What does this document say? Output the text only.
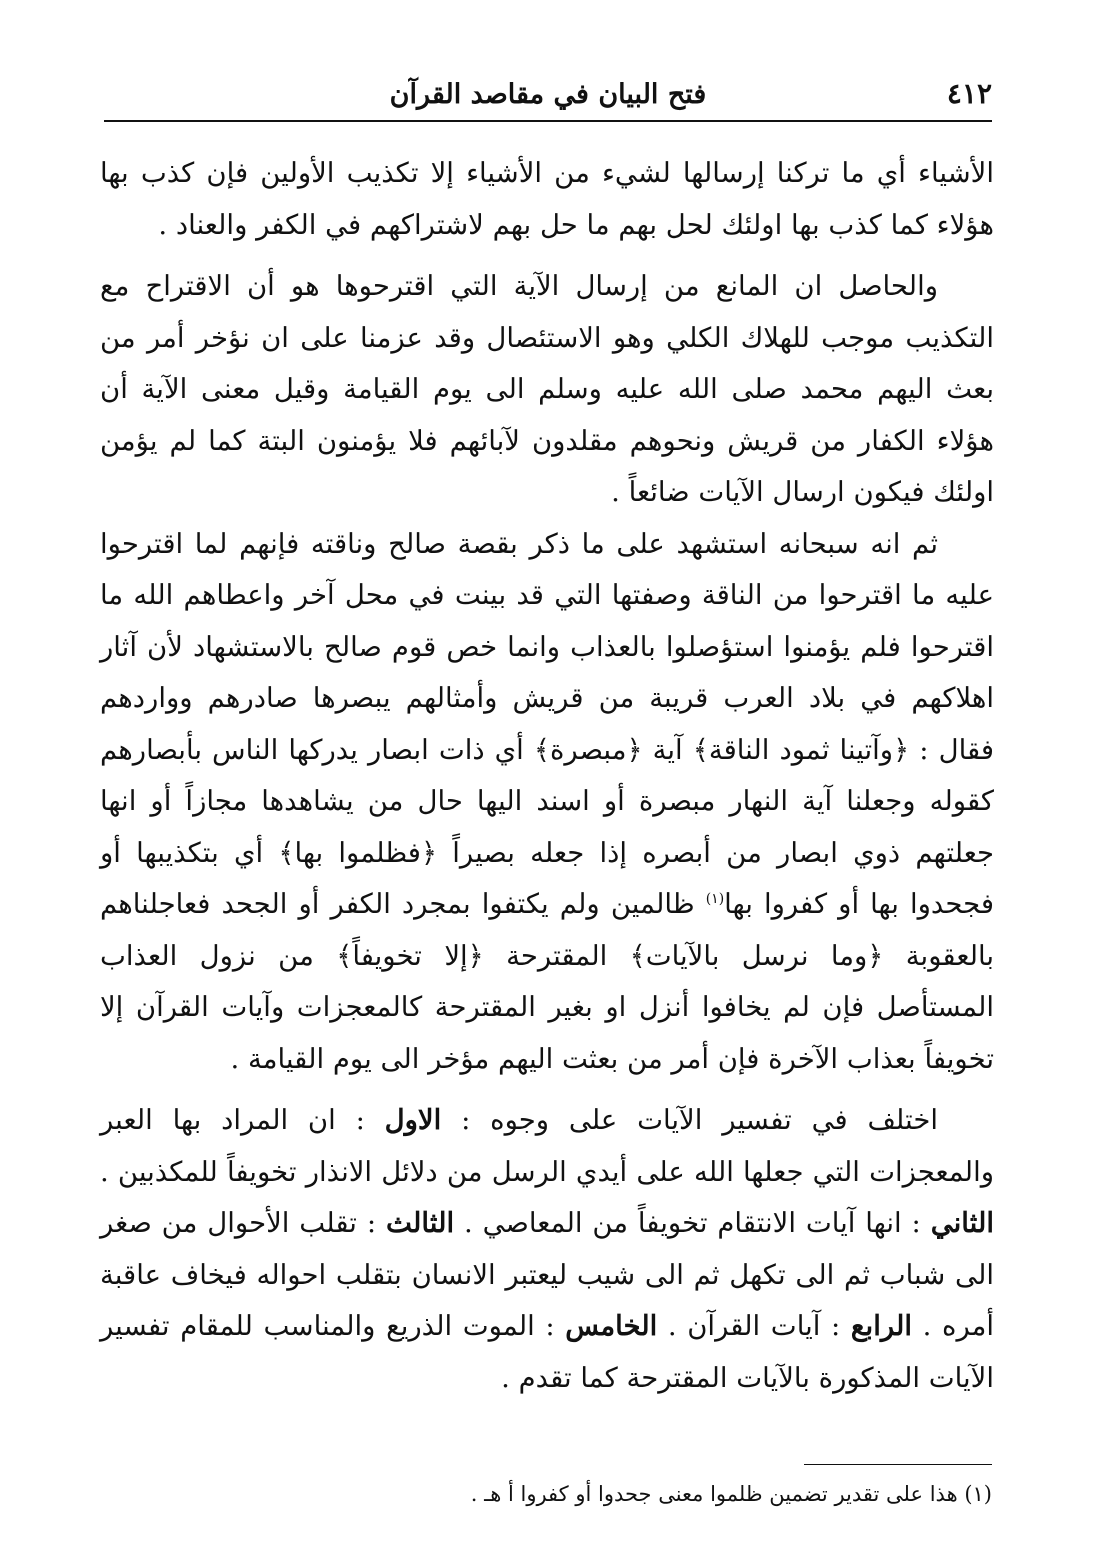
٤١٢
فتح البيان في مقاصد القرآن

الأشياء أي ما تركنا إرسالها لشيء من الأشياء إلا تكذيب الأولين فإن كذب بها هؤلاء كما كذب بها اولئك لحل بهم ما حل بهم لاشتراكهم في الكفر والعناد .

والحاصل ان المانع من إرسال الآية التي اقترحوها هو أن الاقتراح مع التكذيب موجب للهلاك الكلي وهو الاستئصال وقد عزمنا على ان نؤخر أمر من بعث اليهم محمد صلى الله عليه وسلم الى يوم القيامة وقيل معنى الآية أن هؤلاء الكفار من قريش ونحوهم مقلدون لآبائهم فلا يؤمنون البتة كما لم يؤمن اولئك فيكون ارسال الآيات ضائعاً .

ثم انه سبحانه استشهد على ما ذكر بقصة صالح وناقته فإنهم لما اقترحوا عليه ما اقترحوا من الناقة وصفتها التي قد بينت في محل آخر واعطاهم الله ما اقترحوا فلم يؤمنوا استؤصلوا بالعذاب وانما خص قوم صالح بالاستشهاد لأن آثار اهلاكهم في بلاد العرب قريبة من قريش وأمثالهم يبصرها صادرهم وواردهم فقال : ﴿وآتينا ثمود الناقة﴾ آية ﴿مبصرة﴾ أي ذات ابصار يدركها الناس بأبصارهم كقوله وجعلنا آية النهار مبصرة أو اسند اليها حال من يشاهدها مجازاً أو انها جعلتهم ذوي ابصار من أبصره إذا جعله بصيراً ﴿فظلموا بها﴾ أي بتكذيبها أو فجحدوا بها أو كفروا بها$^{(١)}$ ظالمين ولم يكتفوا بمجرد الكفر أو الجحد فعاجلناهم بالعقوبة ﴿وما نرسل بالآيات﴾ المقترحة ﴿إلا تخويفاً﴾ من نزول العذاب المستأصل فإن لم يخافوا أنزل او بغير المقترحة كالمعجزات وآيات القرآن إلا تخويفاً بعذاب الآخرة فإن أمر من بعثت اليهم مؤخر الى يوم القيامة .

اختلف في تفسير الآيات على وجوه : الاول : ان المراد بها العبر والمعجزات التي جعلها الله على أيدي الرسل من دلائل الانذار تخويفاً للمكذبين . الثاني : انها آيات الانتقام تخويفاً من المعاصي . الثالث : تقلب الأحوال من صغر الى شباب ثم الى تكهل ثم الى شيب ليعتبر الانسان بتقلب احواله فيخاف عاقبة أمره . الرابع : آيات القرآن . الخامس : الموت الذريع والمناسب للمقام تفسير الآيات المذكورة بالآيات المقترحة كما تقدم .

(١) هذا على تقدير تضمين ظلموا معنى جحدوا أو كفروا أ هـ .
